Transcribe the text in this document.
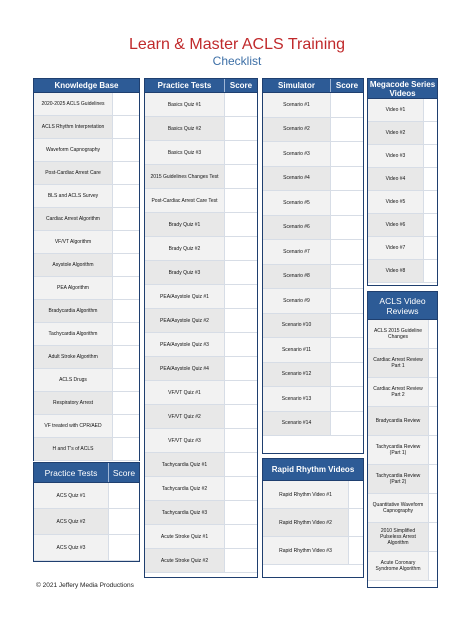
Learn & Master ACLS Training
Checklist
Knowledge Base
2020-2025 ACLS Guidelines
ACLS Rhythm Interpretation
Waveform Capnography
Post-Cardiac Arrest Care
BLS and ACLS Survey
Cardiac Arrest Algorithm
VF/VT Algorithm
Asystole Algorithm
PEA Algorithm
Bradycardia Algorithm
Tachycardia Algorithm
Adult Stroke Algorithm
ACLS Drugs
Respiratory Arrest
VF treated with CPR/AED
H and T's of ACLS
Practice Tests	Score
ACS Quiz #1
ACS Quiz #2
ACS Quiz #3
Practice Tests	Score
Basics Quiz #1
Basics Quiz #2
Basics Quiz #3
2015 Guidelines Changes Test
Post-Cardiac Arrest Care Test
Brady Quiz #1
Brady Quiz #2
Brady Quiz #3
PEA/Asystole Quiz #1
PEA/Asystole Quiz #2
PEA/Asystole Quiz #3
PEA/Asystole Quiz #4
VF/VT Quiz #1
VF/VT Quiz #2
VF/VT Quiz #3
Tachycardia Quiz #1
Tachycardia Quiz #2
Tachycardia Quiz #3
Acute Stroke Quiz #1
Acute Stroke Quiz #2
Simulator	Score
Scenario #1
Scenario #2
Scenario #3
Scenario #4
Scenario #5
Scenario #6
Scenario #7
Scenario #8
Scenario #9
Scenario #10
Scenario #11
Scenario #12
Scenario #13
Scenario #14
Rapid Rhythm Videos
Rapid Rhythm Video #1
Rapid Rhythm Video #2
Rapid Rhythm Video #3
Megacode Series Videos
Video #1
Video #2
Video #3
Video #4
Video #5
Video #6
Video #7
Video #8
ACLS Video Reviews
ACLS 2015 Guideline Changes
Cardiac Arrest Review Part 1
Cardiac Arrest Review Part 2
Bradycardia Review
Tachycardia Review (Part 1)
Tachycardia Review (Part 2)
Quantitative Waveform Capnography
2010 Simplified Pulseless Arrest Algorithm
Acute Coronary Syndrome Algorithm
© 2021 Jeffery Media Productions
